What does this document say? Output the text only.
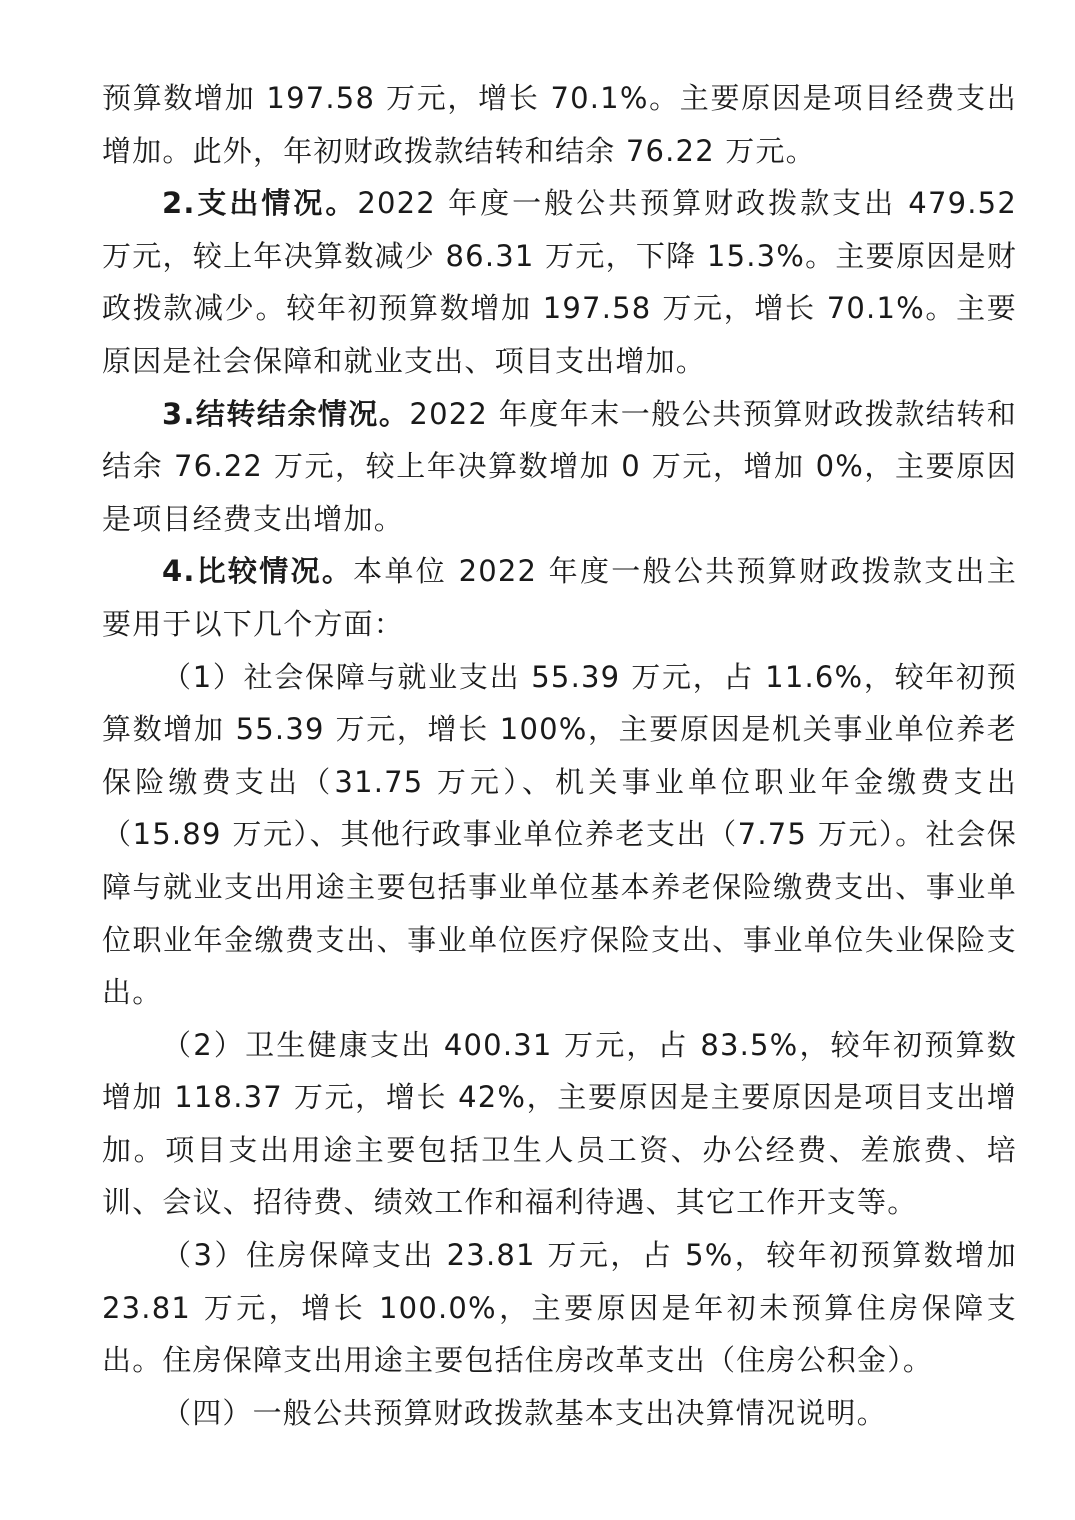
预算数增加 197.58 万元，增长 70.1%。主要原因是项目经费支出增加。此外，年初财政拨款结转和结余 76.22 万元。

2.支出情况。2022 年度一般公共预算财政拨款支出 479.52 万元，较上年决算数减少 86.31 万元，下降 15.3%。主要原因是财政拨款减少。较年初预算数增加 197.58 万元，增长 70.1%。主要原因是社会保障和就业支出、项目支出增加。

3.结转结余情况。2022 年度年末一般公共预算财政拨款结转和结余 76.22 万元，较上年决算数增加 0 万元，增加 0%，主要原因是项目经费支出增加。

4.比较情况。本单位 2022 年度一般公共预算财政拨款支出主要用于以下几个方面：

（1）社会保障与就业支出 55.39 万元，占 11.6%，较年初预算数增加 55.39 万元，增长 100%，主要原因是机关事业单位养老保险缴费支出（31.75 万元）、机关事业单位职业年金缴费支出（15.89 万元）、其他行政事业单位养老支出（7.75 万元）。社会保障与就业支出用途主要包括事业单位基本养老保险缴费支出、事业单位职业年金缴费支出、事业单位医疗保险支出、事业单位失业保险支出。

（2）卫生健康支出 400.31 万元，占 83.5%，较年初预算数增加 118.37 万元，增长 42%，主要原因是主要原因是项目支出增加。项目支出用途主要包括卫生人员工资、办公经费、差旅费、培训、会议、招待费、绩效工作和福利待遇、其它工作开支等。

（3）住房保障支出 23.81 万元，占 5%，较年初预算数增加 23.81 万元，增长 100.0%，主要原因是年初未预算住房保障支出。住房保障支出用途主要包括住房改革支出（住房公积金）。

（四）一般公共预算财政拨款基本支出决算情况说明。
